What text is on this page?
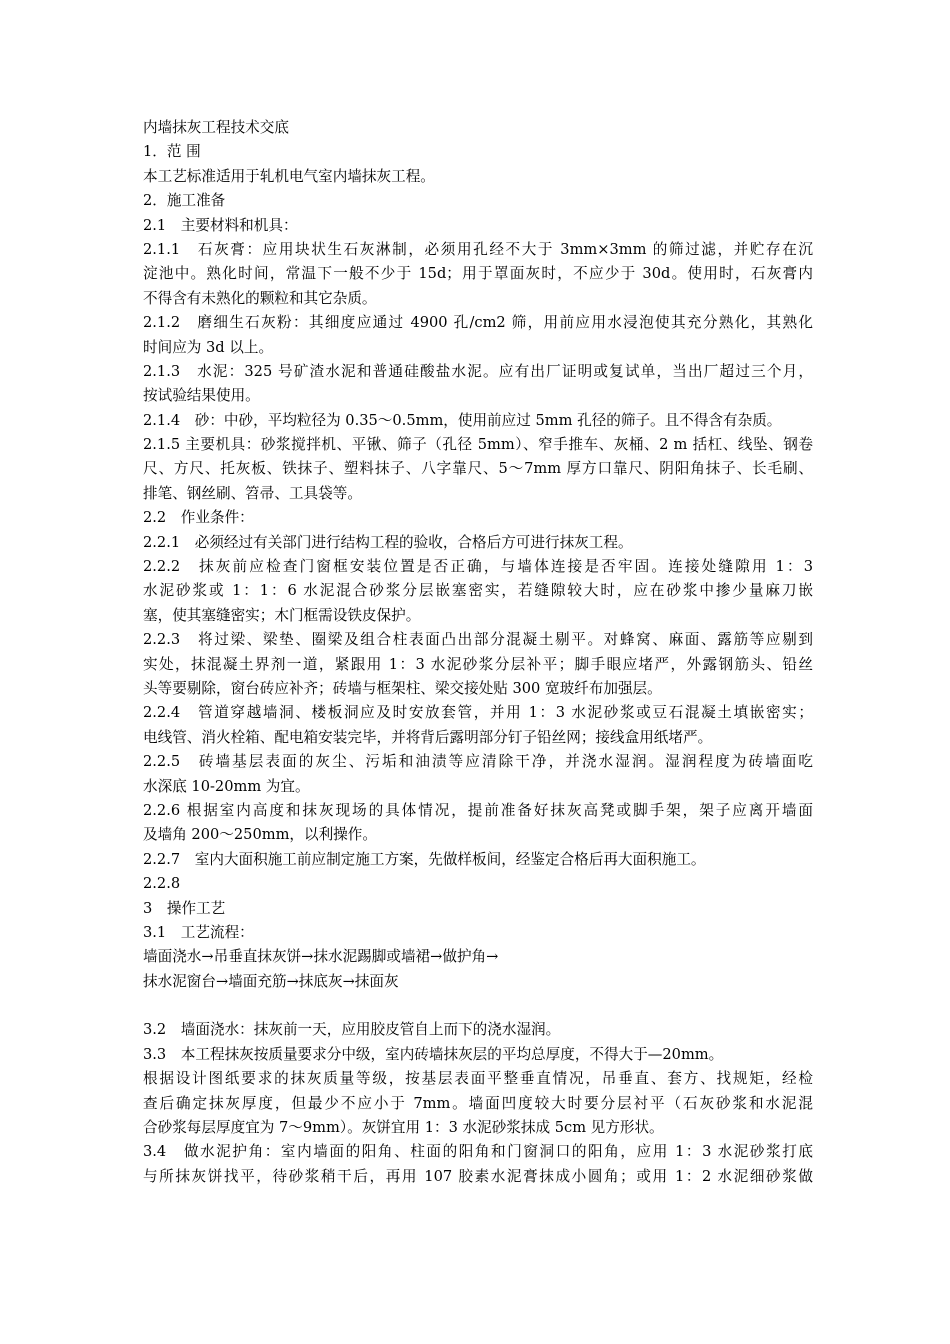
内墙抹灰工程技术交底
1．范 围
本工艺标准适用于轧机电气室内墙抹灰工程。
2．施工准备
2.1　主要材料和机具：
2.1.1　石灰膏：应用块状生石灰淋制，必须用孔经不大于 3mm×3mm 的筛过滤，并贮存在沉
淀池中。熟化时间，常温下一般不少于 15d；用于罩面灰时，不应少于 30d。使用时，石灰膏内
不得含有未熟化的颗粒和其它杂质。
2.1.2　磨细生石灰粉：其细度应通过 4900 孔/cm2 筛，用前应用水浸泡使其充分熟化，其熟化
时间应为 3d 以上。
2.1.3　水泥：325 号矿渣水泥和普通硅酸盐水泥。应有出厂证明或复试单，当出厂超过三个月，
按试验结果使用。
2.1.4　砂：中砂，平均粒径为 0.35～0.5mm，使用前应过 5mm 孔径的筛子。且不得含有杂质。
2.1.5 主要机具：砂浆搅拌机、平锹、筛子（孔径 5mm）、窄手推车、灰桶、2 m 括杠、线坠、钢卷
尺、方尺、托灰板、铁抹子、塑料抹子、八字靠尺、5～7mm 厚方口靠尺、阴阳角抹子、长毛刷、
排笔、钢丝刷、笤帚、工具袋等。
2.2　作业条件：
2.2.1　必须经过有关部门进行结构工程的验收，合格后方可进行抹灰工程。
2.2.2　抹灰前应检查门窗框安装位置是否正确，与墙体连接是否牢固。连接处缝隙用 1：3
水泥砂浆或 1：1：6 水泥混合砂浆分层嵌塞密实，若缝隙较大时，应在砂浆中掺少量麻刀嵌
塞，使其塞缝密实；木门框需设铁皮保护。
2.2.3　将过梁、梁垫、圈梁及组合柱表面凸出部分混凝土剔平。对蜂窝、麻面、露筋等应剔到
实处，抹混凝土界剂一道，紧跟用 1：3 水泥砂浆分层补平；脚手眼应堵严，外露钢筋头、铅丝
头等要剔除，窗台砖应补齐；砖墙与框架柱、梁交接处贴 300 宽玻纤布加强层。
2.2.4　管道穿越墙洞、楼板洞应及时安放套管，并用 1：3 水泥砂浆或豆石混凝土填嵌密实；
电线管、消火栓箱、配电箱安装完毕，并将背后露明部分钉子铅丝网；接线盒用纸堵严。
2.2.5　砖墙基层表面的灰尘、污垢和油渍等应清除干净，并浇水湿润。湿润程度为砖墙面吃
水深底 10-20mm 为宜。
2.2.6 根据室内高度和抹灰现场的具体情况，提前准备好抹灰高凳或脚手架，架子应离开墙面
及墙角 200～250mm，以利操作。
2.2.7　室内大面积施工前应制定施工方案，先做样板间，经鉴定合格后再大面积施工。
2.2.8
3　操作工艺
3.1　工艺流程：
墙面浇水→吊垂直抹灰饼→抹水泥踢脚或墙裙→做护角→
抹水泥窗台→墙面充筋→抹底灰→抹面灰
3.2　墙面浇水：抹灰前一天，应用胶皮管自上而下的浇水湿润。
3.3　本工程抹灰按质量要求分中级，室内砖墙抹灰层的平均总厚度，不得大于—20mm。
根据设计图纸要求的抹灰质量等级，按基层表面平整垂直情况，吊垂直、套方、找规矩，经检
查后确定抹灰厚度，但最少不应小于 7mm。墙面凹度较大时要分层衬平（石灰砂浆和水泥混
合砂浆每层厚度宜为 7～9mm）。灰饼宜用 1：3 水泥砂浆抹成 5cm 见方形状。
3.4　做水泥护角：室内墙面的阳角、柱面的阳角和门窗洞口的阳角，应用 1：3 水泥砂浆打底
与所抹灰饼找平，待砂浆稍干后，再用 107 胶素水泥膏抹成小圆角；或用 1：2 水泥细砂浆做
